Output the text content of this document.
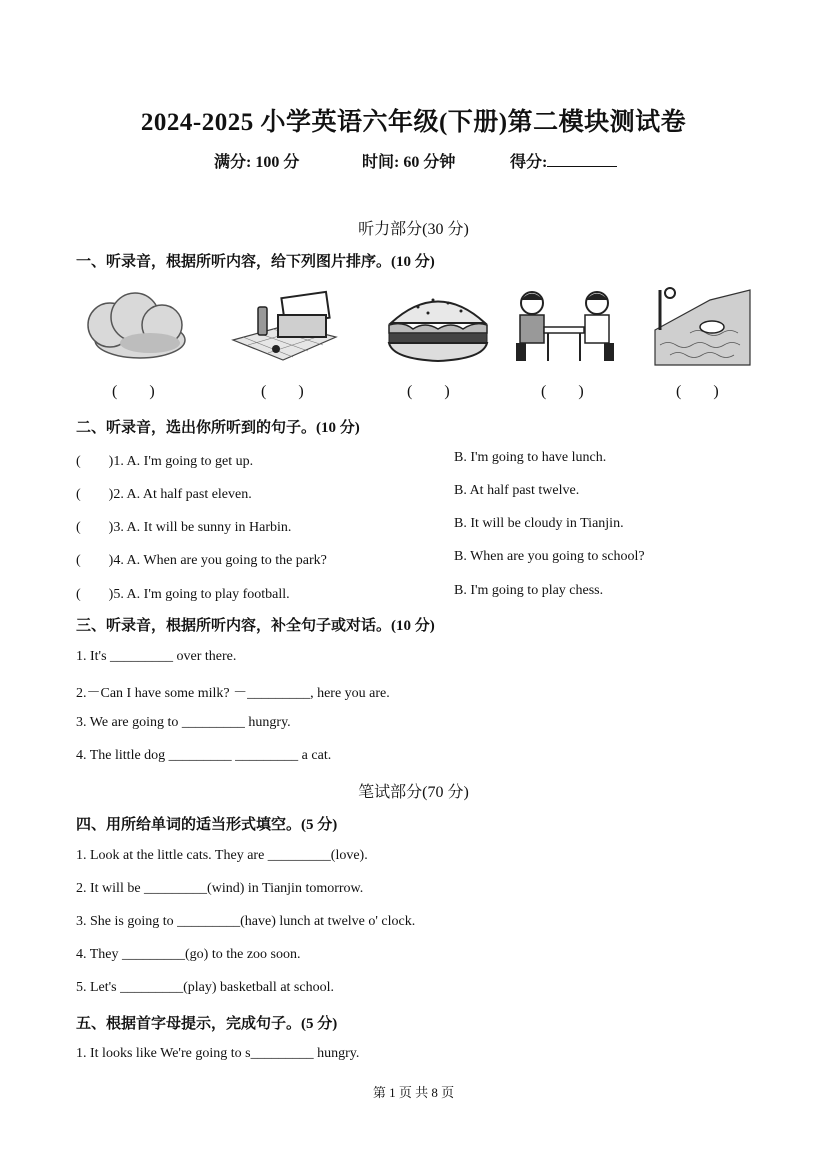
2024-2025 小学英语六年级(下册)第二模块测试卷
满分: 100 分	时间: 60 分钟	得分:
听力部分(30 分)
一、听录音，根据所听内容，给下列图片排序。(10 分)
(　　)	(　　)	(　　)	(　　)	(　　)
二、听录音，选出你所听到的句子。(10 分)
(　　)1. A. I'm going to get up.	B. I'm going to have lunch.
(　　)2. A. At half past eleven.	B. At half past twelve.
(　　)3. A. It will be sunny in Harbin.	B. It will be cloudy in Tianjin.
(　　)4. A. When are you going to the park?	B. When are you going to school?
(　　)5. A. I'm going to play football.	B. I'm going to play chess.
三、听录音，根据所听内容，补全句子或对话。(10 分)
1. It's _________ over there.
2.－Can I have some milk? －_________, here you are.
3. We are going to _________ hungry.
4. The little dog _________ _________ a cat.
笔试部分(70 分)
四、用所给单词的适当形式填空。(5 分)
1. Look at the little cats. They are _________(love).
2. It will be _________(wind) in Tianjin tomorrow.
3. She is going to _________(have) lunch at twelve o' clock.
4. They _________(go) to the zoo soon.
5. Let's _________(play) basketball at school.
五、根据首字母提示，完成句子。(5 分)
1. It looks like We're going to s_________ hungry.
第 1 页 共 8 页
